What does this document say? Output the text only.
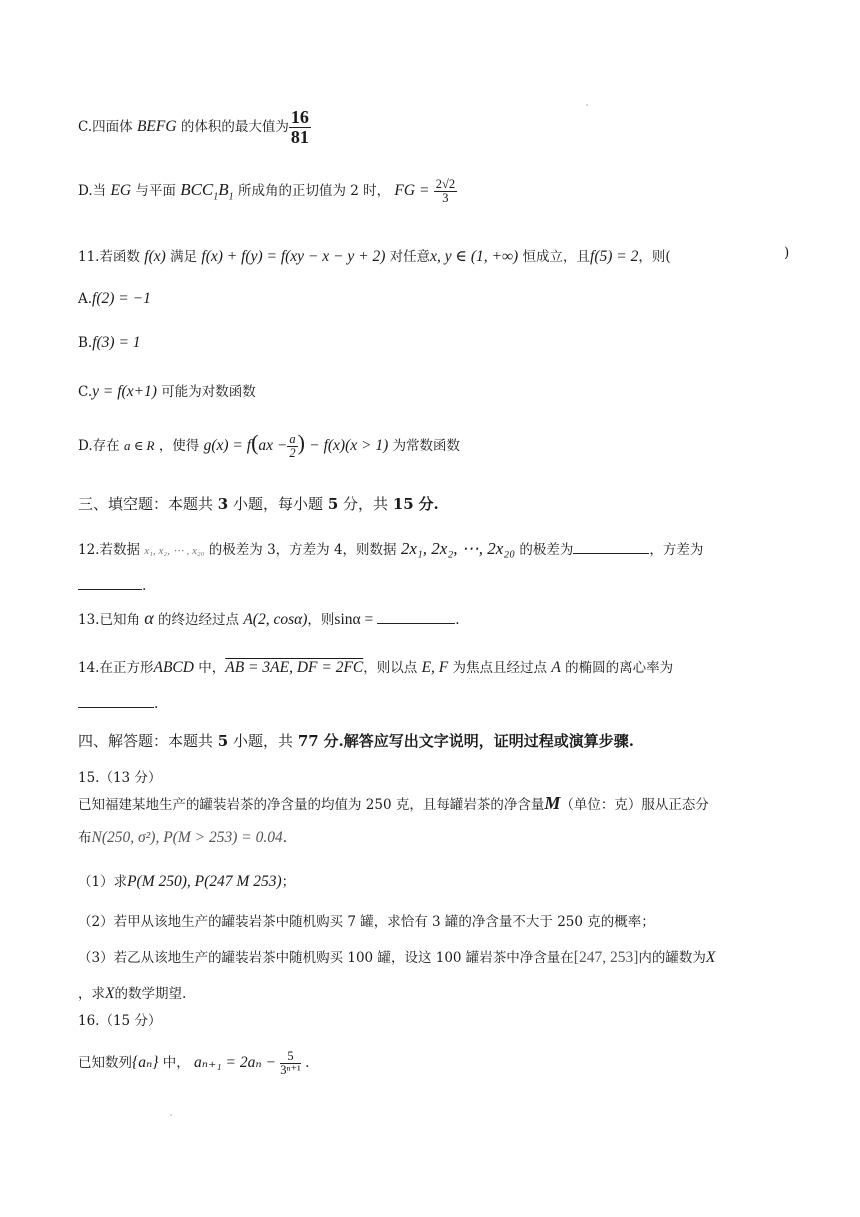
C.四面体 BEFG 的体积的最大值为 $\frac{16}{81}$
D.当 EG 与平面 $BCC_1B_1$ 所成角的正切值为 2 时， FG = $\frac{2√2}{3}$
11.若函数 f(x) 满足 f(x) + f(y) = f(xy − x − y + 2) 对任意x, y ∈ (1, +∞) 恒成立，且f(5) = 2，则(	)
A.f(2) = −1
B.f(3) = 1
C.y = f(x+1) 可能为对数函数
D.存在 a ∈ R ，使得 $g(x) = f(ax - \frac{a}{2}$ ) − f(x)(x > 1) 为常数函数
三、填空题：本题共 3 小题，每小题 5 分，共 15 分.
12.若数据 x₁, x₂, ⋯ , x₂₀ 的极差为 3，方差为 4，则数据 2x₁, 2x₂, ⋯, 2x₂₀ 的极差为	，方差为
.
13.已知角 α 的终边经过点 A(2, cosα)，则sinα =	.
14.在正方形ABCD 中，AB = 3AE, DF = 2FC，则以点 E, F 为焦点且经过点 A 的椭圆的离心率为
.
四、解答题：本题共 5 小题，共 77 分.解答应写出文字说明，证明过程或演算步骤.
15.（13 分）
已知福建某地生产的罐装岩茶的净含量的均值为 250 克，且每罐岩茶的净含量M（单位：克）服从正态分
布N(250, σ²), P(M > 253) = 0.04.
（1）求P(M 250), P(247 M 253)；
（2）若甲从该地生产的罐装岩茶中随机购买 7 罐，求恰有 3 罐的净含量不大于 250 克的概率；
（3）若乙从该地生产的罐装岩茶中随机购买 100 罐，设这 100 罐岩茶中净含量在[247, 253]内的罐数为X
，求X的数学期望.
16.（15 分）
已知数列{aₙ} 中， $a_{n+1} = 2a_n - \frac{5}{\text{3ⁿ⁺¹}}$ .
